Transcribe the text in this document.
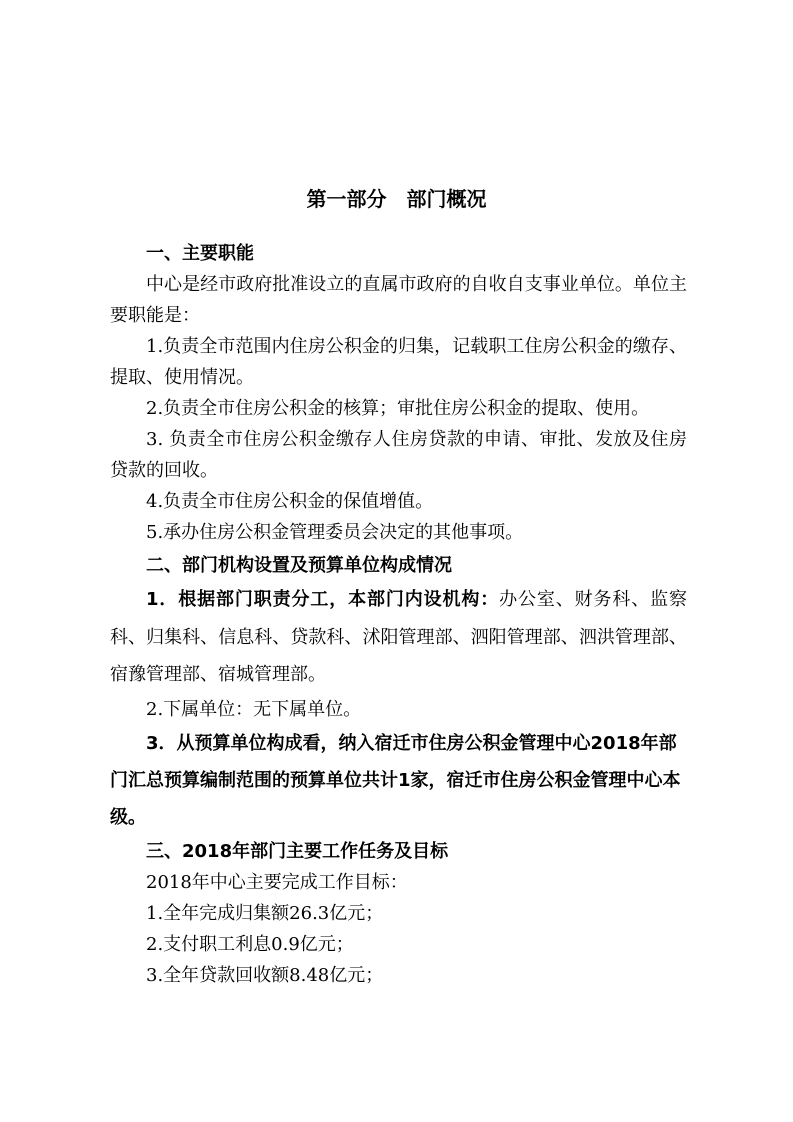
第一部分　部门概况
一、主要职能

中心是经市政府批准设立的直属市政府的自收自支事业单位。单位主要职能是：

1.负责全市范围内住房公积金的归集，记载职工住房公积金的缴存、提取、使用情况。

2.负责全市住房公积金的核算；审批住房公积金的提取、使用。

3. 负责全市住房公积金缴存人住房贷款的申请、审批、发放及住房贷款的回收。

4.负责全市住房公积金的保值增值。

5.承办住房公积金管理委员会决定的其他事项。

二、部门机构设置及预算单位构成情况

1．根据部门职责分工，本部门内设机构：办公室、财务科、监察科、归集科、信息科、贷款科、沭阳管理部、泗阳管理部、泗洪管理部、宿豫管理部、宿城管理部。

2.下属单位：无下属单位。

3．从预算单位构成看，纳入宿迁市住房公积金管理中心2018年部门汇总预算编制范围的预算单位共计1家，宿迁市住房公积金管理中心本级。

三、2018年部门主要工作任务及目标

2018年中心主要完成工作目标：

1.全年完成归集额26.3亿元；

2.支付职工利息0.9亿元；

3.全年贷款回收额8.48亿元；
